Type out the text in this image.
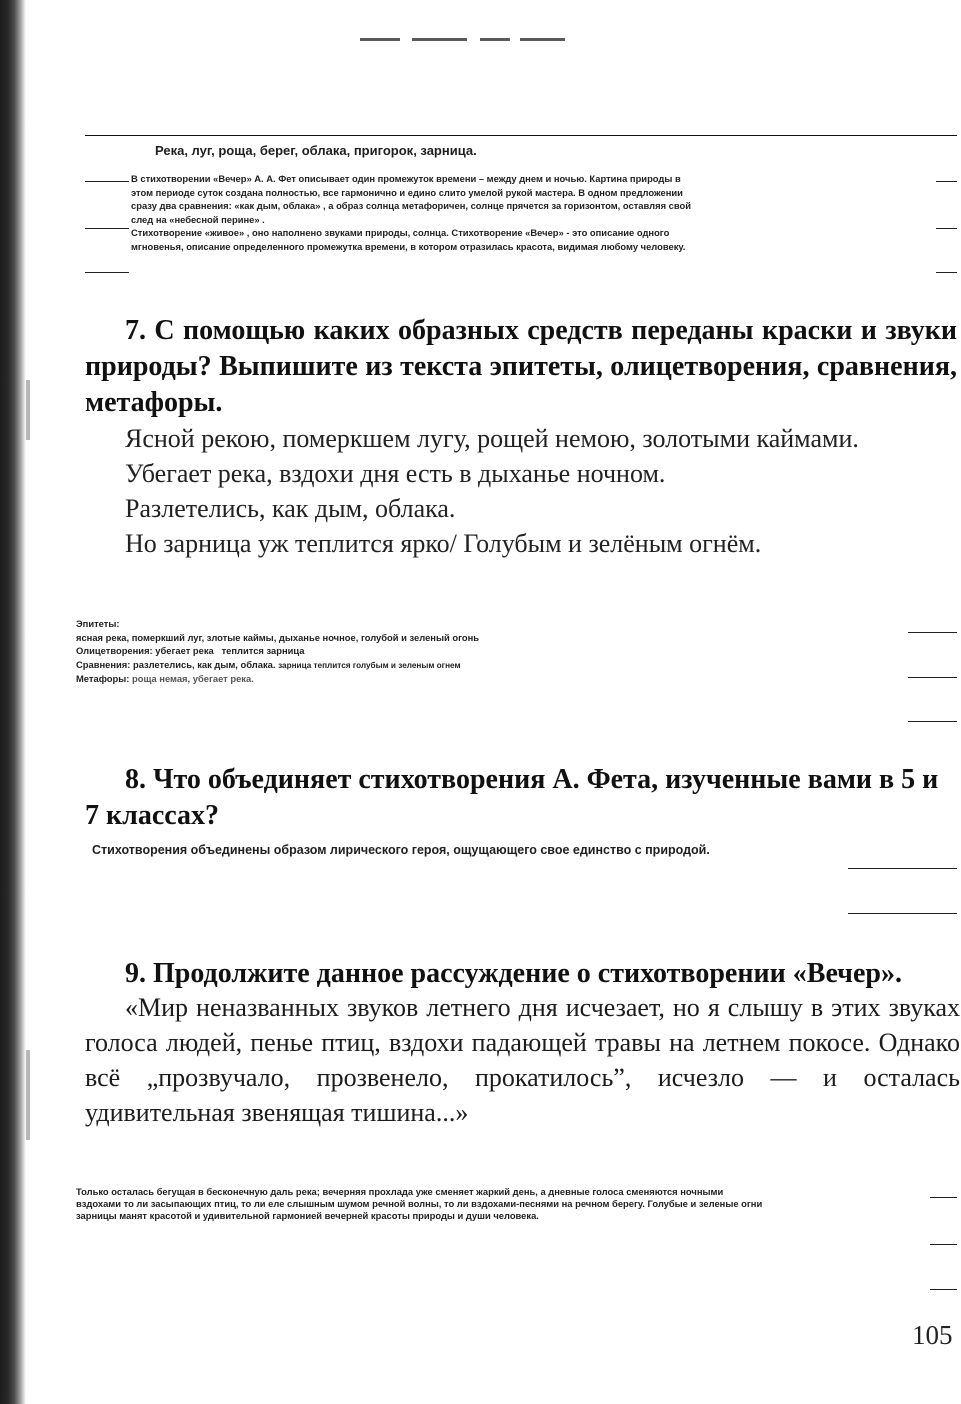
Река, луг, роща, берег, облака, пригорок, зарница.

В стихотворении «Вечер» А. А. Фет описывает один промежуток времени – между днем и ночью. Картина природы в

этом периоде суток создана полностью, все гармонично и едино слито умелой рукой мастера. В одном предложении

сразу два сравнения: «как дым, облака» , а образ солнца метафоричен, солнце прячется за горизонтом, оставляя свой

след на «небесной перине» .

Стихотворение «живое» , оно наполнено звуками природы, солнца. Стихотворение «Вечер» - это описание одного

мгновенья, описание определенного промежутка времени, в котором отразилась красота, видимая любому человеку.

7. С помощью каких образных средств переданы краски и звуки природы? Выпишите из текста эпитеты, олицетворения, сравнения, метафоры.

Ясной рекою, померкшем лугу, рощей немою, золотыми каймами.

Убегает река, вздохи дня есть в дыханье ночном.

Разлетелись, как дым, облака.

Но зарница уж теплится ярко/ Голубым и зелёным огнём.

Эпитеты:
ясная река, померкший луг, злотые каймы, дыханье ночное, голубой и зеленый огонь
Олицетворения: убегает река   теплится зарница
Сравнения: разлетелись, как дым, облака. зарница теплится голубым и зеленым огнем
Метафоры: роща немая, убегает река.

8. Что объединяет стихотворения А. Фета, изученные вами в 5 и 7 классах?

Стихотворения объединены образом лирического героя, ощущающего свое единство с природой.

9. Продолжите данное рассуждение о стихотворении «Вечер».

«Мир неназванных звуков летнего дня исчезает, но я слышу в этих звуках голоса людей, пенье птиц, вздохи падающей травы на летнем покосе. Однако всё „прозвучало, прозвенело, прокатилось”, исчезло — и осталась удивительная звенящая тишина...»

Только осталась бегущая в бесконечную даль река; вечерняя прохлада уже сменяет жаркий день, а дневные голоса сменяются ночными
вздохами то ли засыпающих птиц, то ли еле слышным шумом речной волны, то ли вздохами-песнями на речном берегу. Голубые и зеленые огни
зарницы манят красотой и удивительной гармонией вечерней красоты природы и души человека.
105
